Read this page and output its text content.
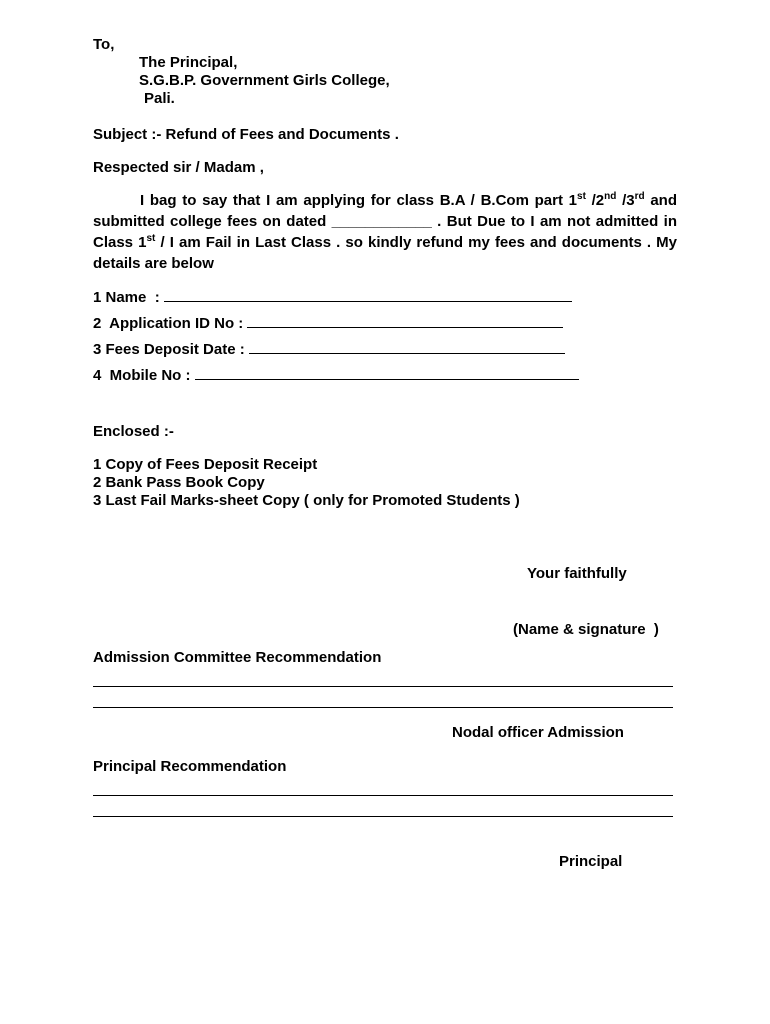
To,
The Principal,
S.G.B.P. Government Girls College,
Pali.
Subject :- Refund of Fees and Documents .
Respected sir / Madam ,
I bag to say that I am applying for class B.A / B.Com part 1st /2nd /3rd and submitted college fees on dated ____________ . But Due to I am not admitted in Class 1st / I am Fail in Last Class . so kindly refund my fees and documents . My details are below
1 Name  :
2  Application ID No :
3 Fees Deposit Date :
4  Mobile No :
Enclosed :-
1 Copy of Fees Deposit Receipt
2 Bank Pass Book Copy
3 Last Fail Marks-sheet Copy ( only for Promoted Students )
Your faithfully
(Name & signature  )
Admission Committee Recommendation
Nodal officer Admission
Principal Recommendation
Principal
